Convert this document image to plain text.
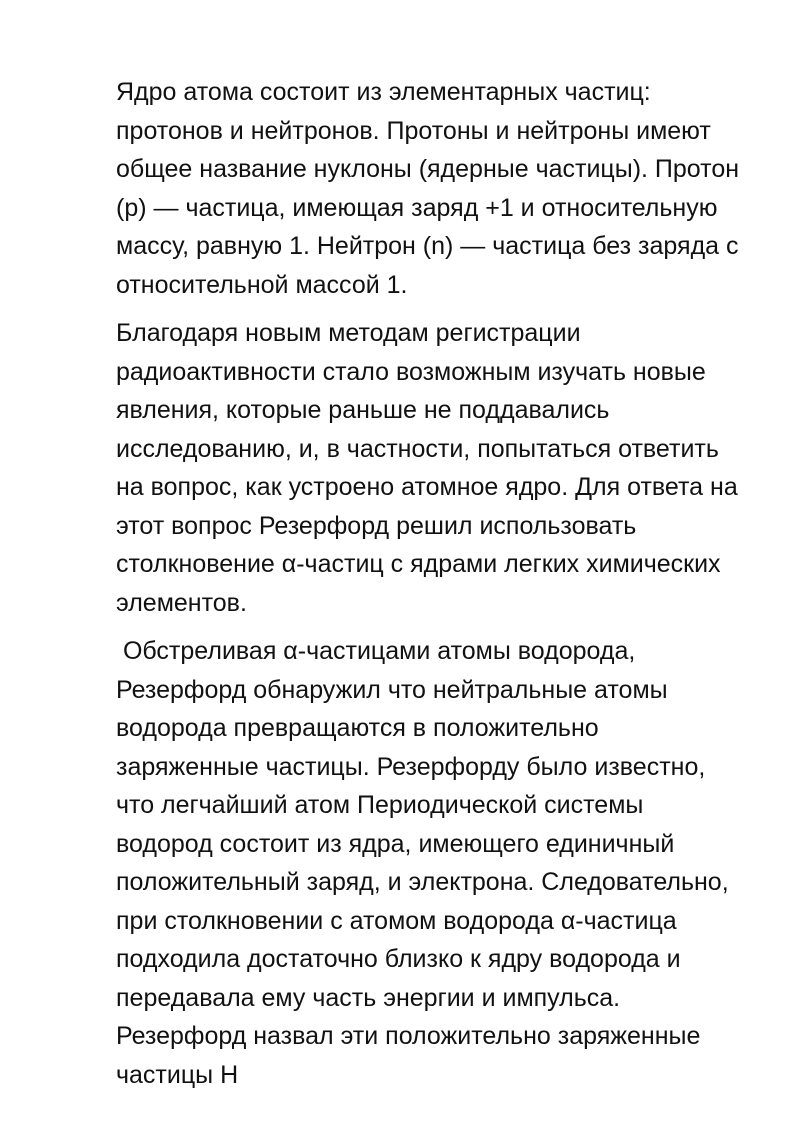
Ядро атома состоит из элементарных частиц: протонов и нейтронов. Протоны и нейтроны имеют общее название нуклоны (ядерные частицы). Протон (p) — частица, имеющая заряд +1 и относительную массу, равную 1. Нейтрон (n) — частица без заряда с относительной массой 1.

Благодаря новым методам регистрации радиоактивности стало возможным изучать новые явления, которые раньше не поддавались исследованию, и, в частности, попытаться ответить на вопрос, как устроено атомное ядро. Для ответа на этот вопрос Резерфорд решил использовать столкновение α-частиц с ядрами легких химических элементов.

Обстреливая α-частицами атомы водорода, Резерфорд обнаружил что нейтральные атомы водорода превращаются в положительно заряженные частицы. Резерфорду было известно, что легчайший атом Периодической системы водород состоит из ядра, имеющего единичный положительный заряд, и электрона. Следовательно, при столкновении с атомом водорода α-частица подходила достаточно близко к ядру водорода и передавала ему часть энергии и импульса. Резерфорд назвал эти положительно заряженные частицы H
